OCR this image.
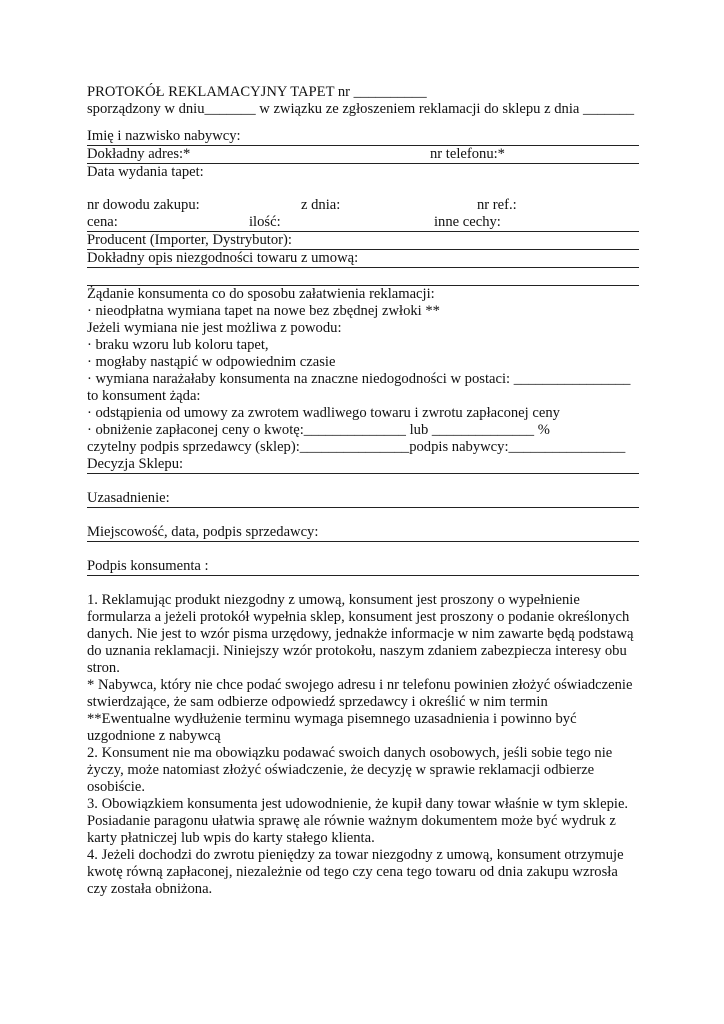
PROTOKÓŁ REKLAMACYJNY TAPET nr __________
sporządzony w dniu_______ w związku ze zgłoszeniem reklamacji do sklepu z dnia _______
Imię i nazwisko nabywcy:
Dokładny adres:*	nr telefonu:*
Data wydania tapet:
nr dowodu zakupu:	z dnia:	nr ref.:
cena:	ilość:	inne cechy:
Producent (Importer, Dystrybutor):
Dokładny opis niezgodności towaru z umową:
Żądanie konsumenta co do sposobu załatwienia reklamacji:
· nieodpłatna wymiana tapet na nowe bez zbędnej zwłoki **
Jeżeli wymiana nie jest możliwa z powodu:
· braku wzoru lub koloru tapet,
· mogłaby nastąpić w odpowiednim czasie
· wymiana narażałaby konsumenta na znaczne niedogodności w postaci: ________________
to konsument żąda:
· odstąpienia od umowy za zwrotem wadliwego towaru i zwrotu zapłaconej ceny
· obniżenie zapłaconej ceny o kwotę:______________ lub ______________ %
czytelny podpis sprzedawcy (sklep):_______________podpis nabywcy:________________
Decyzja Sklepu:
Uzasadnienie:
Miejscowość, data, podpis sprzedawcy:
Podpis konsumenta :
1. Reklamując produkt niezgodny z umową, konsument jest proszony o wypełnienie
formularza a jeżeli protokół wypełnia sklep, konsument jest proszony o podanie określonych
danych. Nie jest to wzór pisma urzędowy, jednakże informacje w nim zawarte będą podstawą
do uznania reklamacji. Niniejszy wzór protokołu, naszym zdaniem zabezpiecza interesy obu
stron.
* Nabywca, który nie chce podać swojego adresu i nr telefonu powinien złożyć oświadczenie
stwierdzające, że sam odbierze odpowiedź sprzedawcy i określić w nim termin
**Ewentualne wydłużenie terminu wymaga pisemnego uzasadnienia i powinno być
uzgodnione z nabywcą
2. Konsument nie ma obowiązku podawać swoich danych osobowych, jeśli sobie tego nie
życzy, może natomiast złożyć oświadczenie, że decyzję w sprawie reklamacji odbierze
osobiście.
3. Obowiązkiem konsumenta jest udowodnienie, że kupił dany towar właśnie w tym sklepie.
Posiadanie paragonu ułatwia sprawę ale równie ważnym dokumentem może być wydruk z
karty płatniczej lub wpis do karty stałego klienta.
4. Jeżeli dochodzi do zwrotu pieniędzy za towar niezgodny z umową, konsument otrzymuje
kwotę równą zapłaconej, niezależnie od tego czy cena tego towaru od dnia zakupu wzrosła
czy została obniżona.
